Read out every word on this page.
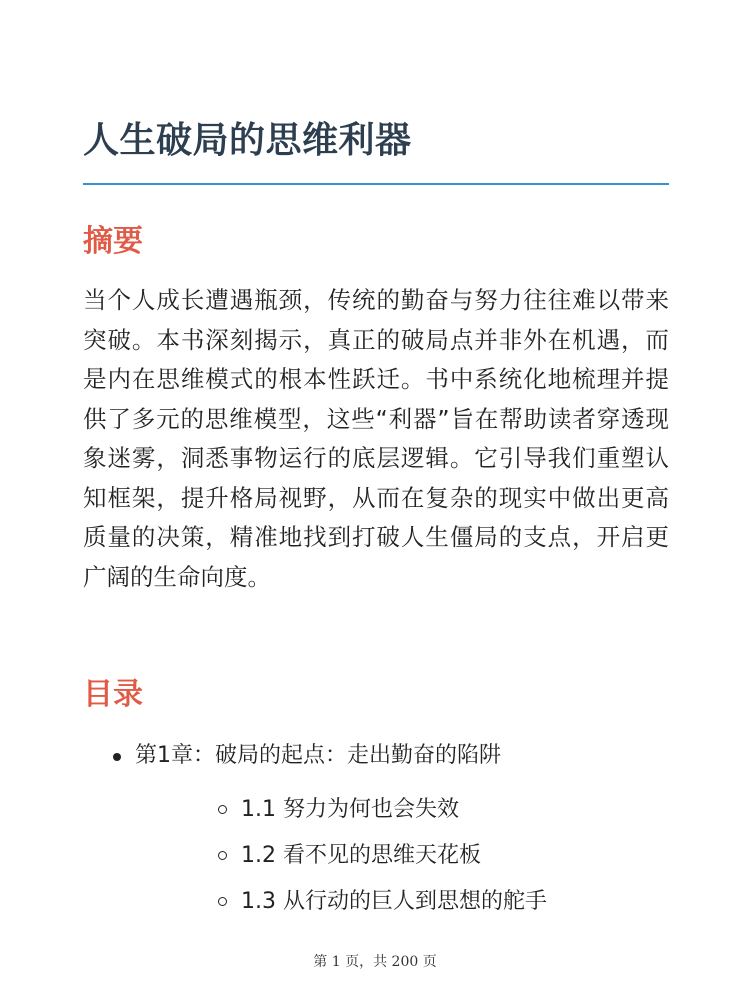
人生破局的思维利器
摘要

当个人成长遭遇瓶颈，传统的勤奋与努力往往难以带来突破。本书深刻揭示，真正的破局点并非外在机遇，而是内在思维模式的根本性跃迁。书中系统化地梳理并提供了多元的思维模型，这些“利器”旨在帮助读者穿透现象迷雾，洞悉事物运行的底层逻辑。它引导我们重塑认知框架，提升格局视野，从而在复杂的现实中做出更高质量的决策，精准地找到打破人生僵局的支点，开启更广阔的生命向度。

目录
第1章：破局的起点：走出勤奋的陷阱
1.1 努力为何也会失效
1.2 看不见的思维天花板
1.3 从行动的巨人到思想的舵手
第 1 页，共 200 页
